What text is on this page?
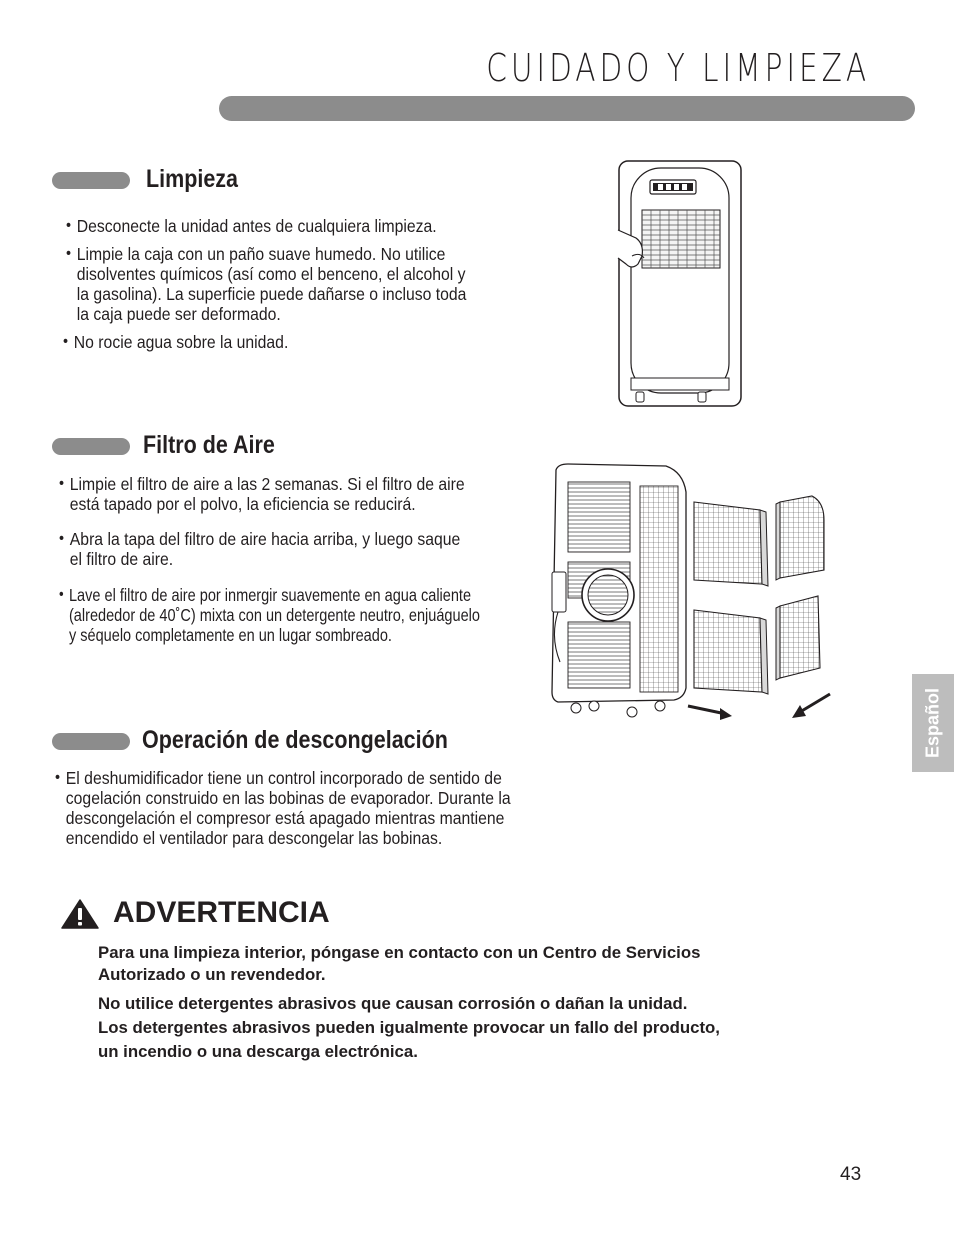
CUIDADO Y LIMPIEZA
Limpieza
• Desconecte la unidad antes de cualquiera limpieza.
• Limpie la caja con un paño suave humedo. No utilice
disolventes químicos (así como el benceno, el alcohol y
la gasolina). La superficie puede dañarse o incluso toda
la caja puede ser deformado.
• No rocie agua sobre la unidad.
Filtro de Aire
• Limpie el filtro de aire a las 2 semanas. Si el filtro de aire
está tapado por el polvo, la eficiencia se reducirá.
• Abra la tapa del filtro de aire hacia arriba, y luego saque
el filtro de aire.
• Lave el filtro de aire por inmergir suavemente en agua caliente
(alrededor de 40˚C) mixta con un detergente neutro, enjuáguelo
y séquelo completamente en un lugar sombreado.
Operación de descongelación
• El deshumidificador tiene un control incorporado de sentido de
cogelación construido en las bobinas de evaporador. Durante la
descongelación el compresor está apagado mientras mantiene
encendido el ventilador para descongelar las bobinas.
ADVERTENCIA
Para una limpieza interior, póngase en contacto con un Centro de Servicios
Autorizado o un revendedor.
No utilice detergentes abrasivos que causan corrosión o dañan la unidad.
Los detergentes abrasivos pueden igualmente provocar un fallo del producto,
un incendio o una descarga electrónica.
Español
43
